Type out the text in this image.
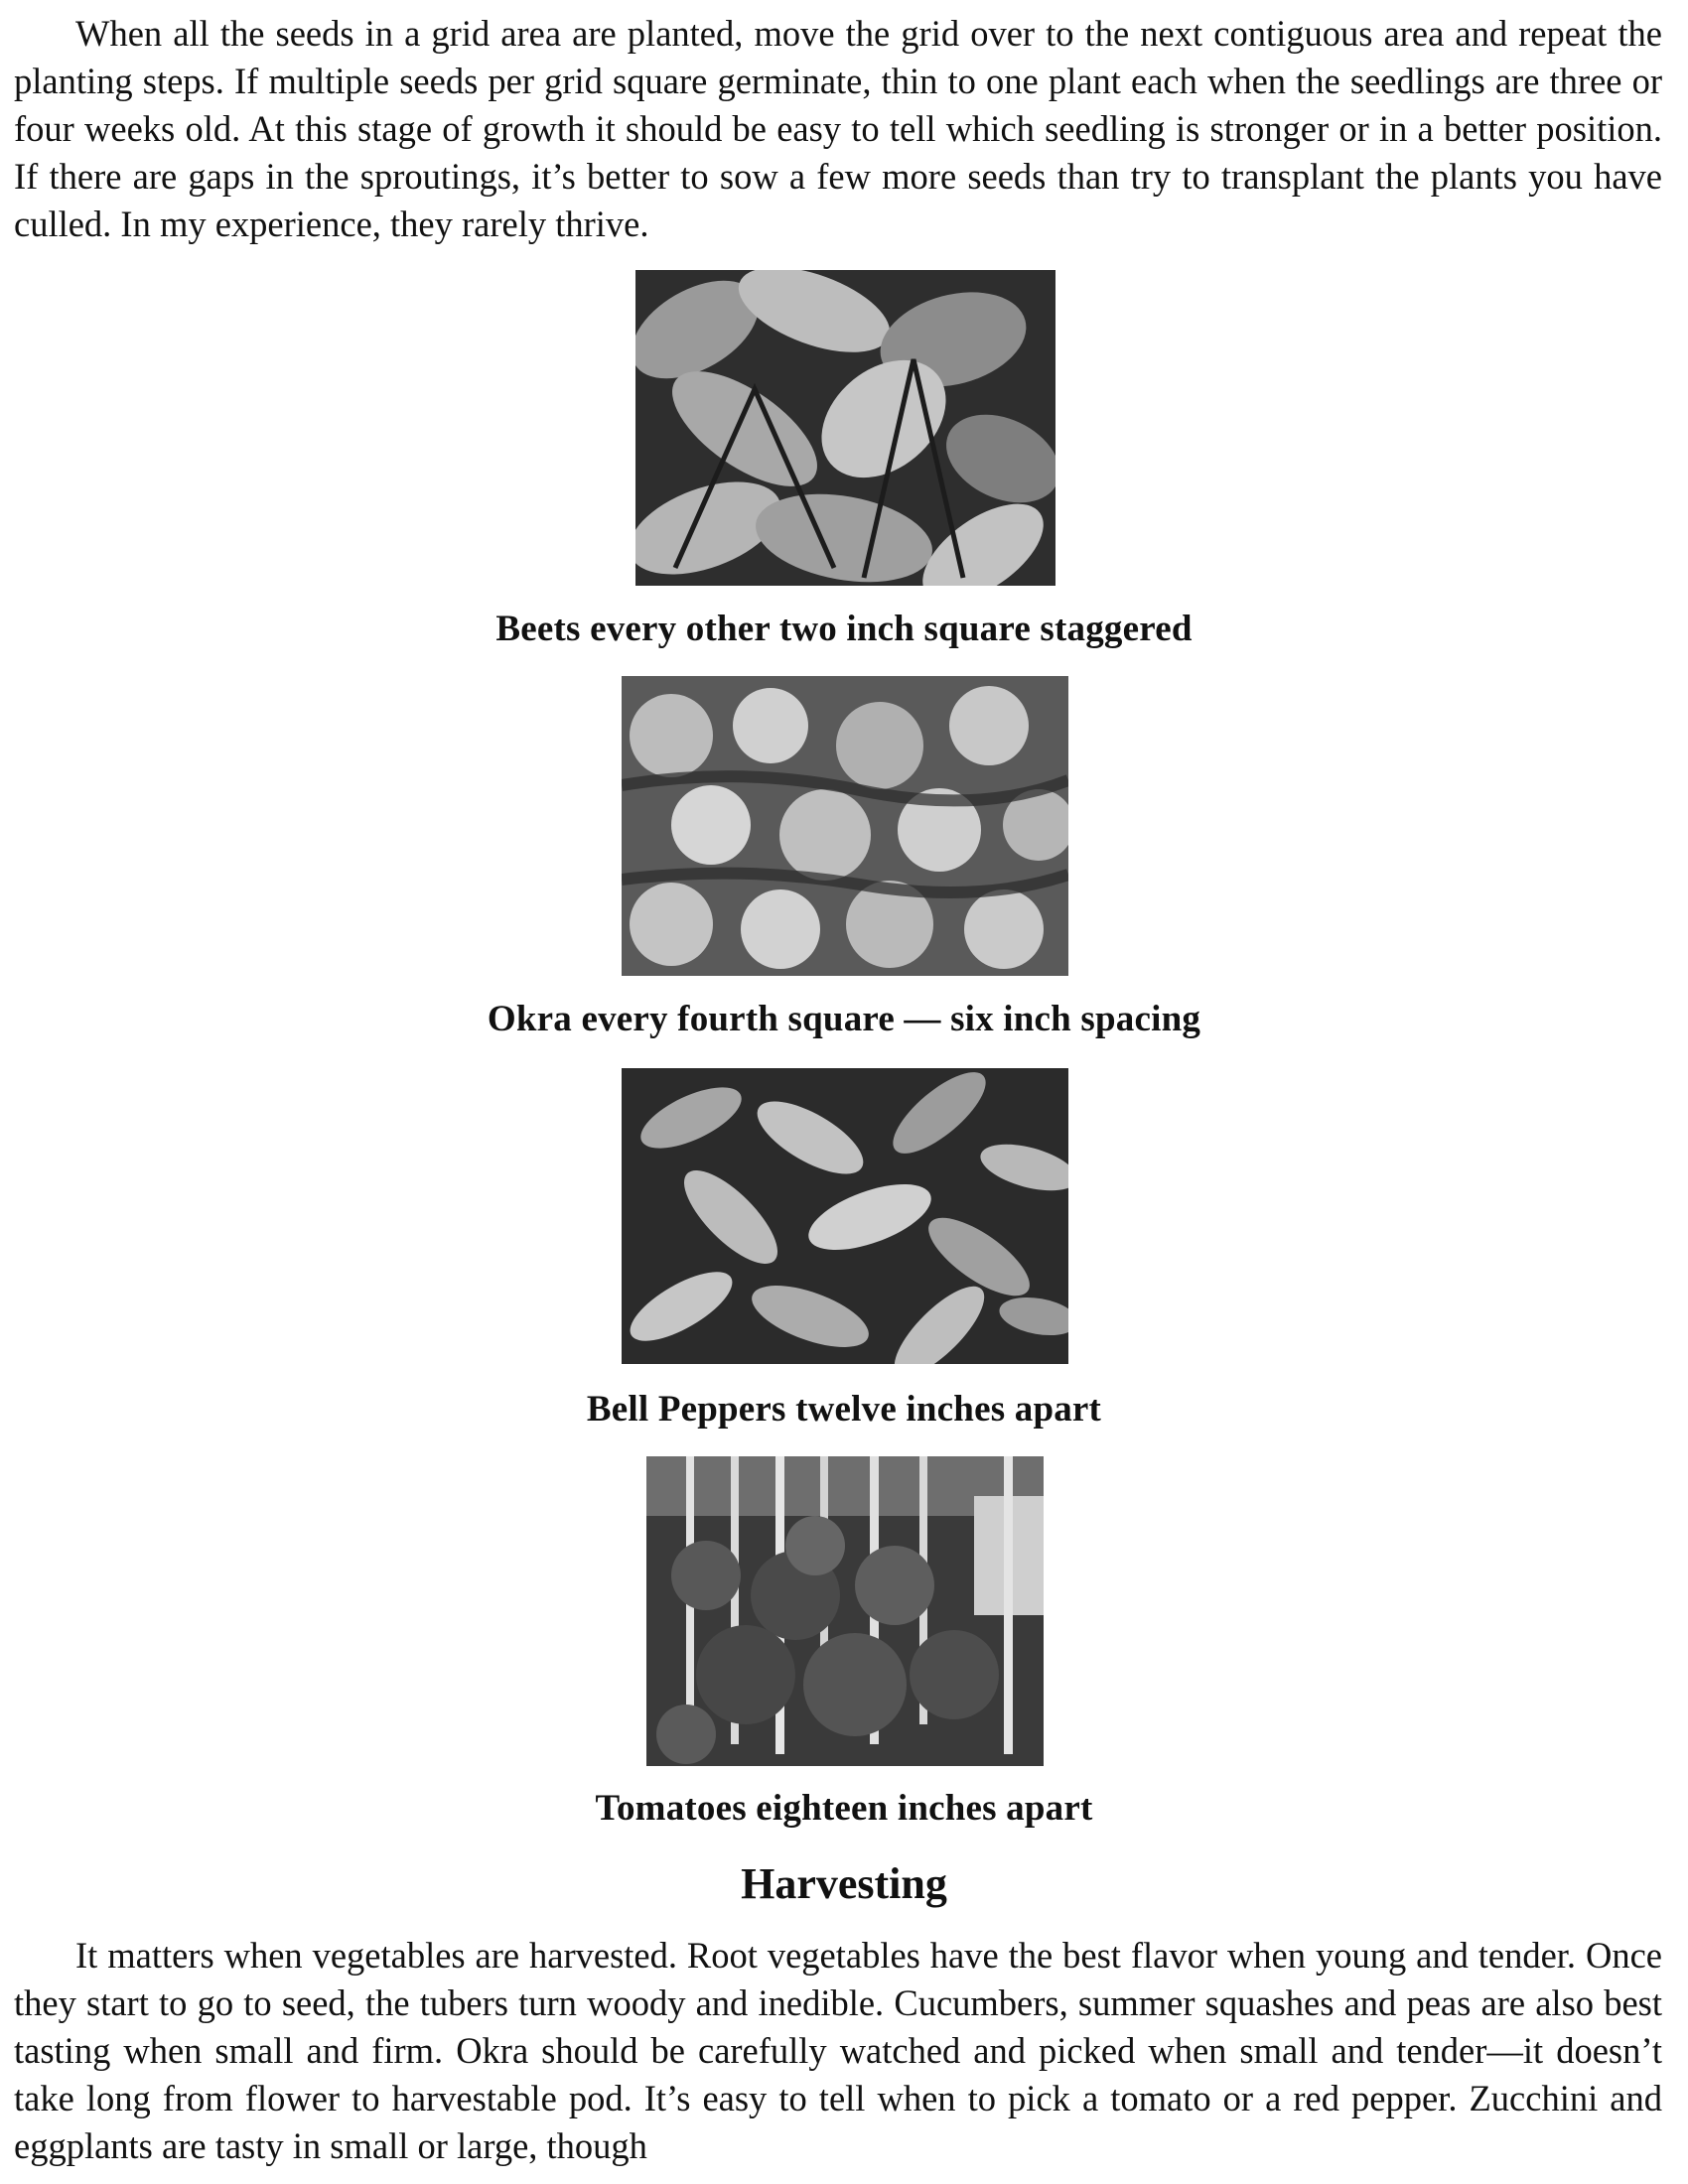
When all the seeds in a grid area are planted, move the grid over to the next contiguous area and repeat the planting steps. If multiple seeds per grid square germinate, thin to one plant each when the seedlings are three or four weeks old. At this stage of growth it should be easy to tell which seedling is stronger or in a better position. If there are gaps in the sproutings, it’s better to sow a few more seeds than try to transplant the plants you have culled. In my experience, they rarely thrive.

Beets every other two inch square staggered

Okra every fourth square — six inch spacing

Bell Peppers twelve inches apart

Tomatoes eighteen inches apart

Harvesting

It matters when vegetables are harvested. Root vegetables have the best flavor when young and tender. Once they start to go to seed, the tubers turn woody and inedible. Cucumbers, summer squashes and peas are also best tasting when small and firm. Okra should be carefully watched and picked when small and tender—it doesn’t take long from flower to harvestable pod. It’s easy to tell when to pick a tomato or a red pepper. Zucchini and eggplants are tasty in small or large, though
